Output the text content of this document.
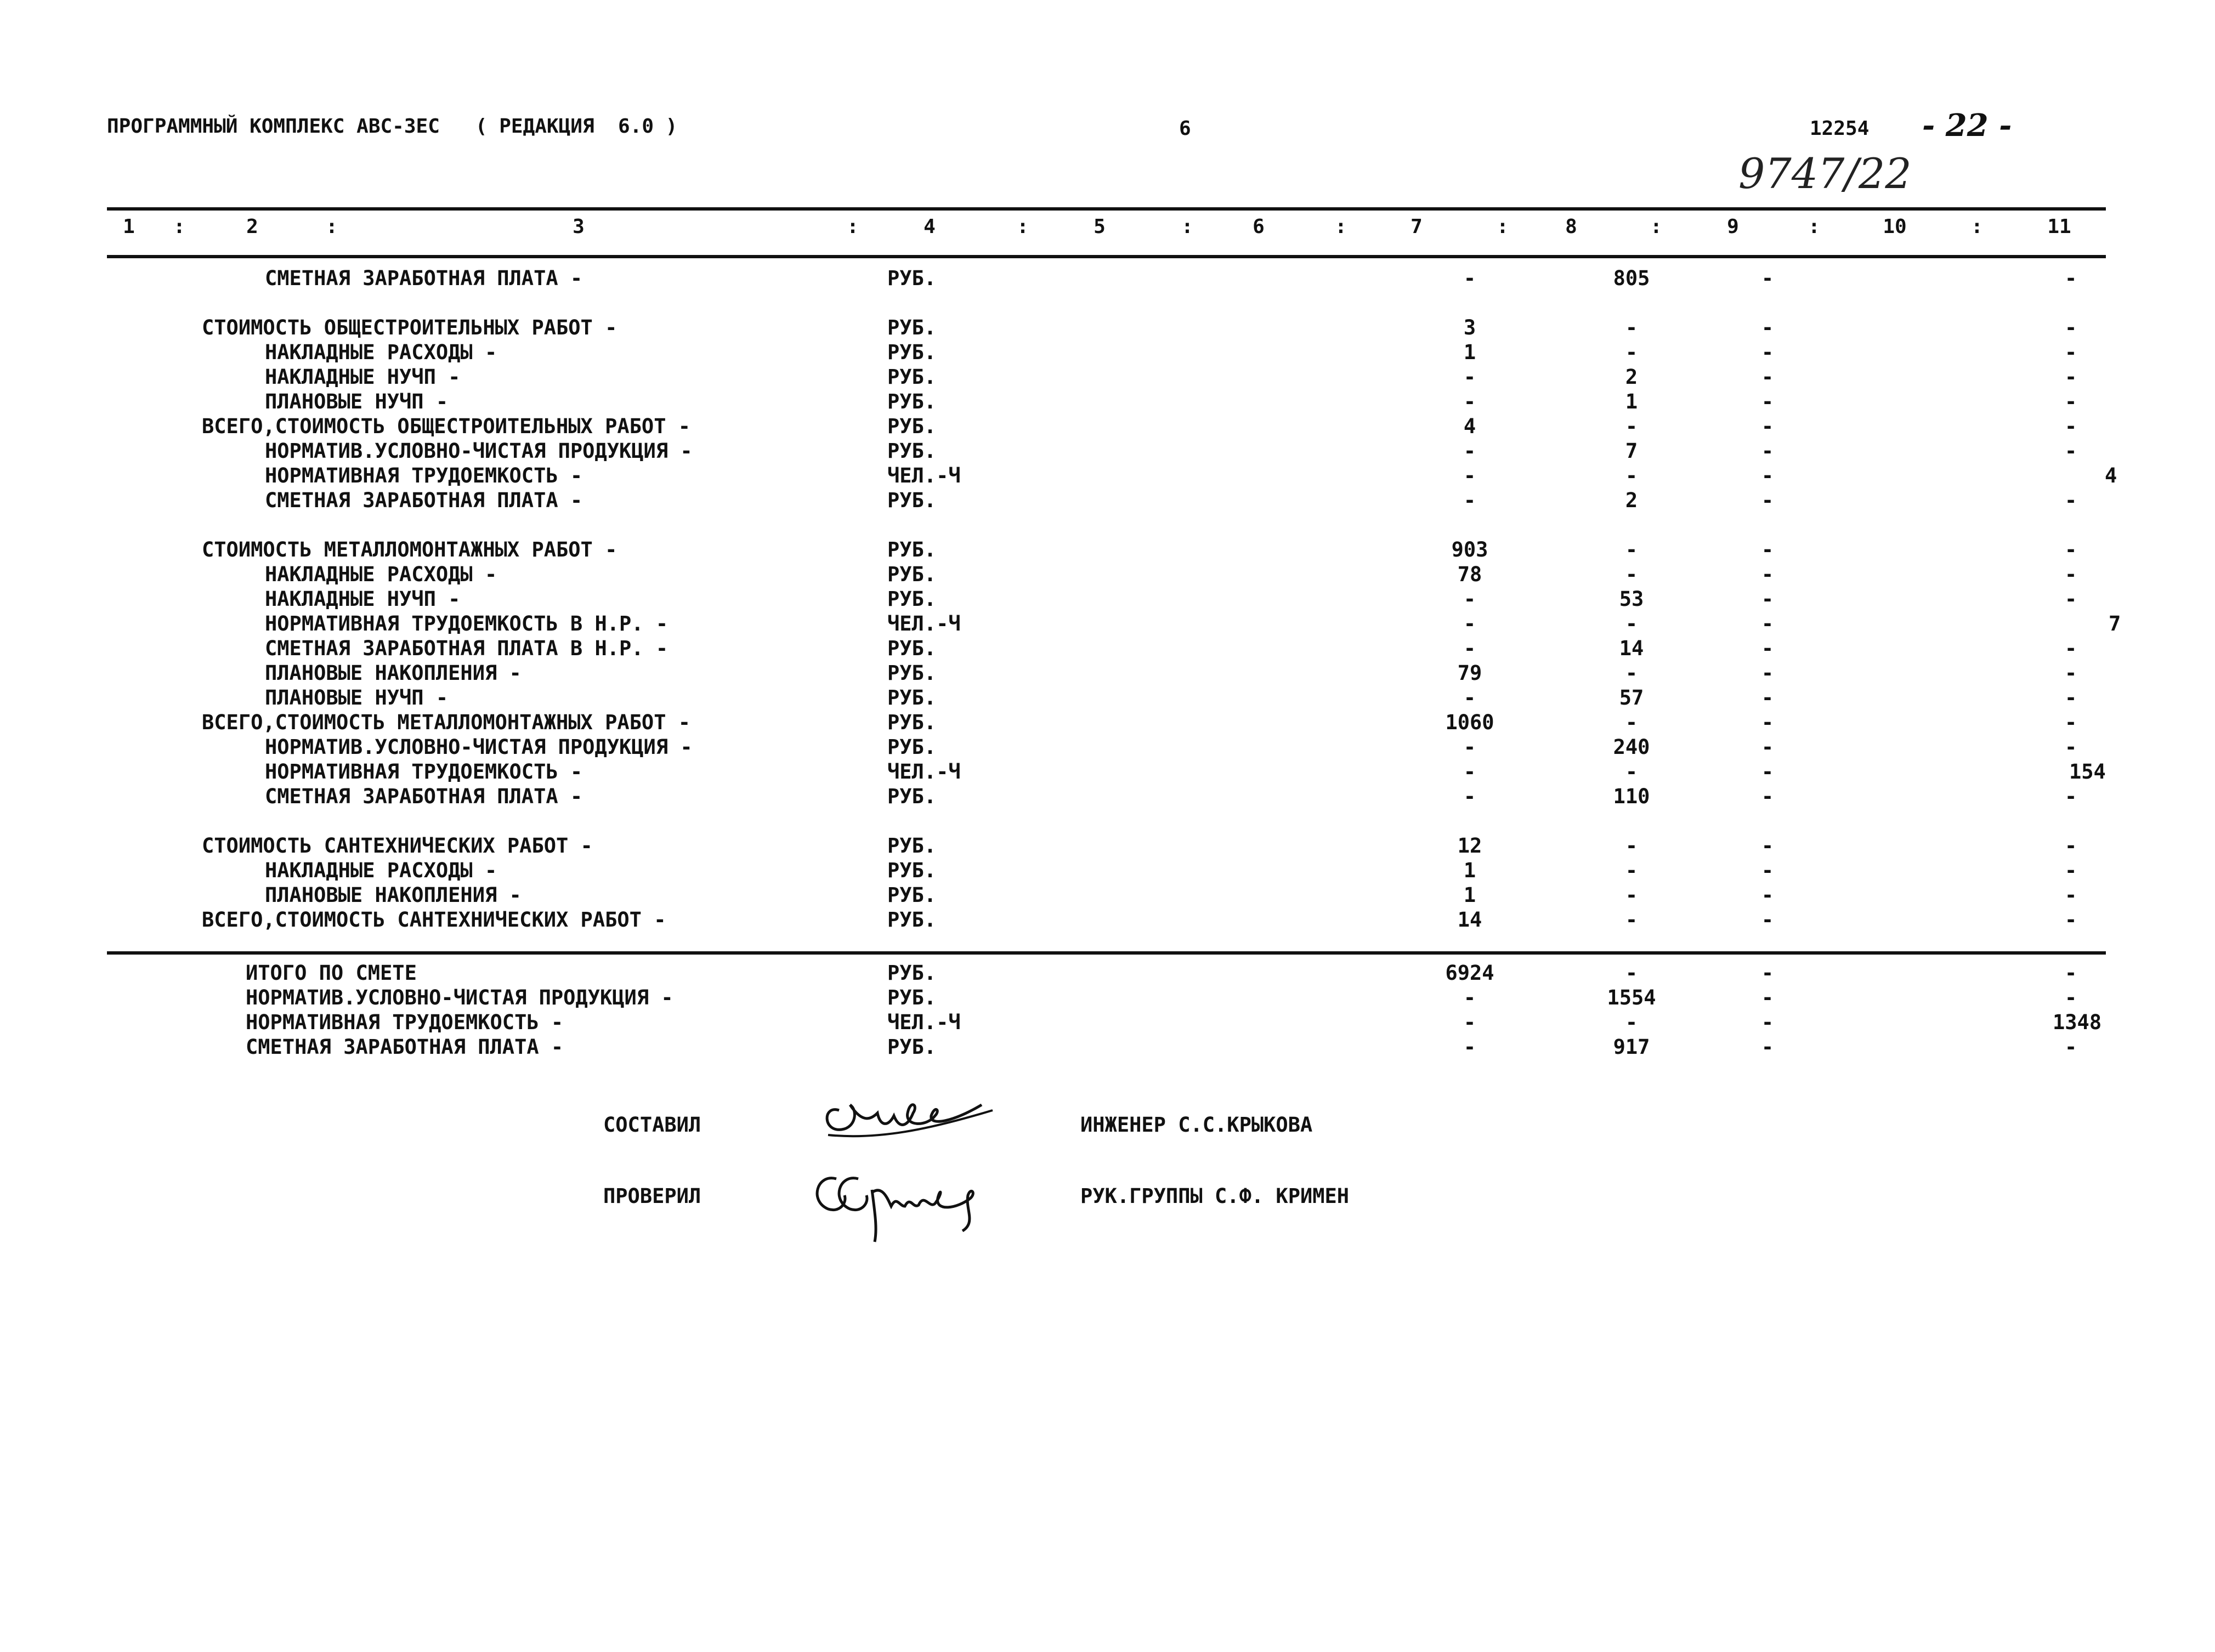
ПРОГРАММНЫЙ КОМПЛЕКС АВС-3ЕС   ( РЕДАКЦИЯ  6.0 )	6	12254 - 22 -
9747/22
1	2	3	4	5	6	7	8	9	10	11
:	:	:	:	:	:	:	:	:	:
СМЕТНАЯ ЗАРАБОТНАЯ ПЛАТА -	РУБ.	-	805	-	-
СТОИМОСТЬ ОБЩЕСТРОИТЕЛЬНЫХ РАБОТ -	РУБ.	3	-	-	-
НАКЛАДНЫЕ РАСХОДЫ -	РУБ.	1	-	-	-
НАКЛАДНЫЕ НУЧП -	РУБ.	-	2	-	-
ПЛАНОВЫЕ НУЧП -	РУБ.	-	1	-	-
ВСЕГО,СТОИМОСТЬ ОБЩЕСТРОИТЕЛЬНЫХ РАБОТ -	РУБ.	4	-	-	-
НОРМАТИВ.УСЛОВНО-ЧИСТАЯ ПРОДУКЦИЯ -	РУБ.	-	7	-	-
НОРМАТИВНАЯ ТРУДОЕМКОСТЬ -	ЧЕЛ.-Ч	-	-	-	4
СМЕТНАЯ ЗАРАБОТНАЯ ПЛАТА -	РУБ.	-	2	-	-
СТОИМОСТЬ МЕТАЛЛОМОНТАЖНЫХ РАБОТ -	РУБ.	903	-	-	-
НАКЛАДНЫЕ РАСХОДЫ -	РУБ.	78	-	-	-
НАКЛАДНЫЕ НУЧП -	РУБ.	-	53	-	-
НОРМАТИВНАЯ ТРУДОЕМКОСТЬ В Н.Р. -	ЧЕЛ.-Ч	-	-	-	7
СМЕТНАЯ ЗАРАБОТНАЯ ПЛАТА В Н.Р. -	РУБ.	-	14	-	-
ПЛАНОВЫЕ НАКОПЛЕНИЯ -	РУБ.	79	-	-	-
ПЛАНОВЫЕ НУЧП -	РУБ.	-	57	-	-
ВСЕГО,СТОИМОСТЬ МЕТАЛЛОМОНТАЖНЫХ РАБОТ -	РУБ.	1060	-	-	-
НОРМАТИВ.УСЛОВНО-ЧИСТАЯ ПРОДУКЦИЯ -	РУБ.	-	240	-	-
НОРМАТИВНАЯ ТРУДОЕМКОСТЬ -	ЧЕЛ.-Ч	-	-	-	154
СМЕТНАЯ ЗАРАБОТНАЯ ПЛАТА -	РУБ.	-	110	-	-
СТОИМОСТЬ САНТЕХНИЧЕСКИХ РАБОТ -	РУБ.	12	-	-	-
НАКЛАДНЫЕ РАСХОДЫ -	РУБ.	1	-	-	-
ПЛАНОВЫЕ НАКОПЛЕНИЯ -	РУБ.	1	-	-	-
ВСЕГО,СТОИМОСТЬ САНТЕХНИЧЕСКИХ РАБОТ -	РУБ.	14	-	-	-
ИТОГО ПО СМЕТЕ	РУБ.	6924	-	-	-
НОРМАТИВ.УСЛОВНО-ЧИСТАЯ ПРОДУКЦИЯ -	РУБ.	-	1554	-	-
НОРМАТИВНАЯ ТРУДОЕМКОСТЬ -	ЧЕЛ.-Ч	-	-	-	1348
СМЕТНАЯ ЗАРАБОТНАЯ ПЛАТА -	РУБ.	-	917	-	-
СОСТАВИЛ	ИНЖЕНЕР С.С.КРЫКОВА
ПРОВЕРИЛ	РУК.ГРУППЫ С.Ф. КРИМЕН
